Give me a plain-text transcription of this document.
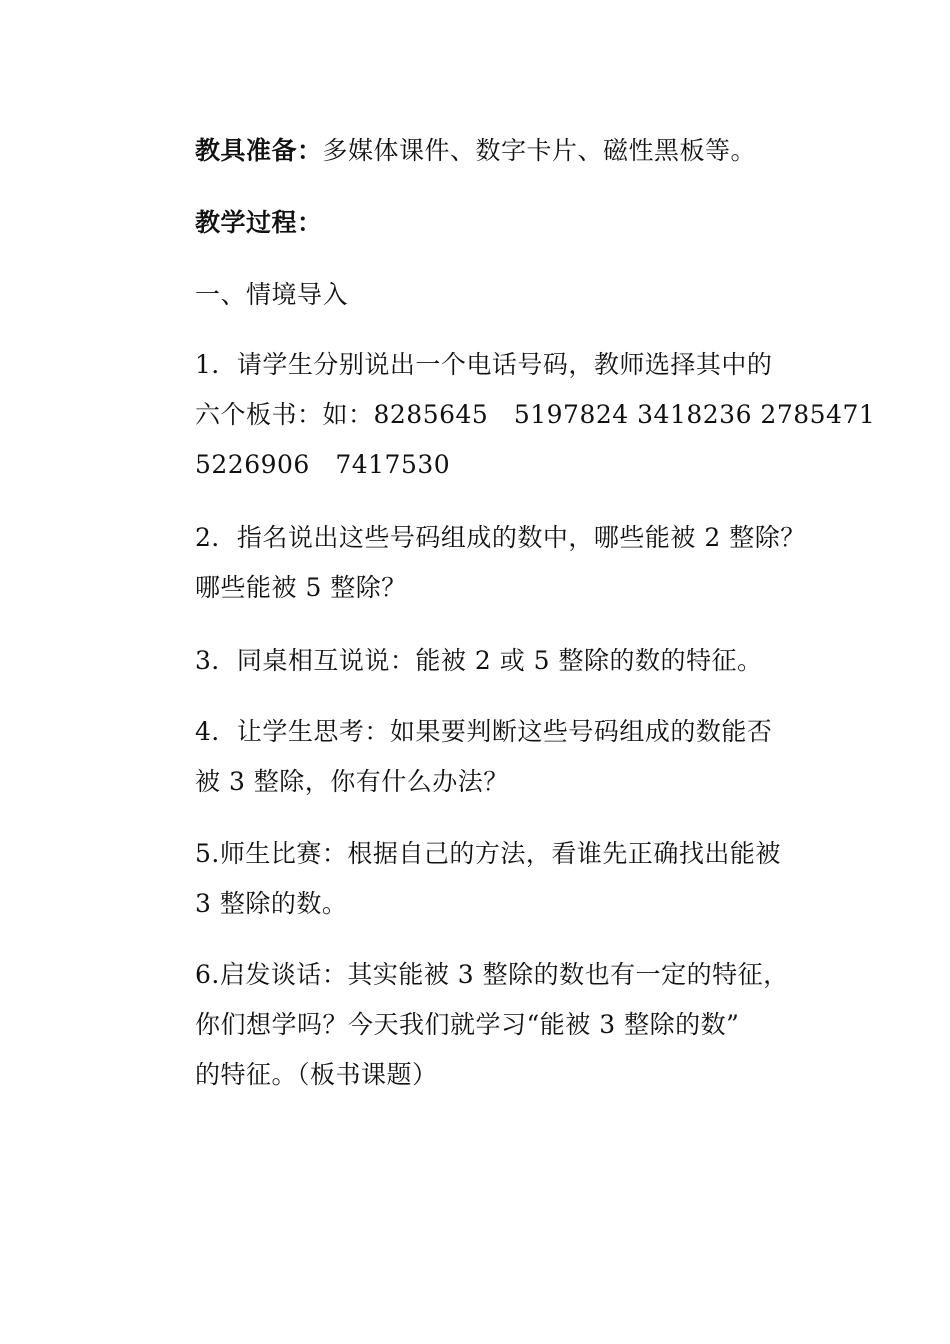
教具准备：多媒体课件、数字卡片、磁性黑板等。
教学过程：
一、情境导入
1．请学生分别说出一个电话号码，教师选择其中的
六个板书：如：8285645　5197824 3418236 2785471
5226906　7417530
2．指名说出这些号码组成的数中，哪些能被 2 整除？
哪些能被 5 整除？
3．同桌相互说说：能被 2 或 5 整除的数的特征。
4．让学生思考：如果要判断这些号码组成的数能否
被 3 整除，你有什么办法？
5.师生比赛：根据自己的方法，看谁先正确找出能被
3 整除的数。
6.启发谈话：其实能被 3 整除的数也有一定的特征，
你们想学吗？今天我们就学习“能被 3 整除的数”
的特征。（板书课题）
